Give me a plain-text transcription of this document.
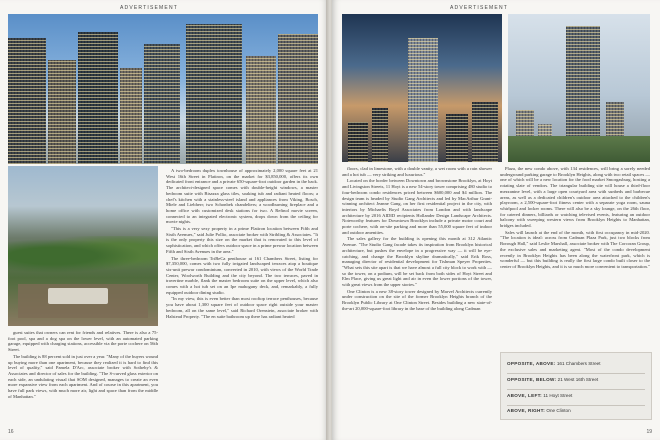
ADVERTISEMENT

guest suites that owners can rent for friends and relatives. There is also a 75-foot pool, spa and a dog spa on the lower level, with an automated parking garage, equipped with charging stations, accessible via the porte cochere on 56th Street.

The building is 88 percent sold in just over a year. "Many of the buyers wound up buying more than one apartment, because they realized it is hard to find this level of quality," said Pamela D'Arc, associate broker with Sotheby's & Associates and director of sales for the building. "The S-curved glass exterior on each side, an undulating visual that SOM designed, manages to create an even more expansive view from each apartment. And of course in this apartment, you have full park views, with much more air, light and space than from the middle of Manhattan."

A two-bedroom duplex townhouse of approximately 2,000 square feet at 21 West 16th Street in Flatiron, on the market for $3,850,000, offers its own dedicated front entrance and a private 650-square-foot outdoor garden in the back. The architect-designed space comes with double-height windows, a master bedroom suite with Bisazza glass tiles, soaking tub and radiant heated floors; a chef's kitchen with a stainless-steel island and appliances from Viking, Bosch, Miele and Liebherr; two Schonbek chandeliers; a woodburning fireplace and a home office with customized desk stations for two. A Refinol movie screen, connected to an integrated electronic system, drops down from the ceiling for movie nights.

"This is a very sexy property in a prime Flatiron location between Fifth and Sixth Avenues," said Julie Pollio, associate broker with Stribling & Associates. "It is the only property this size on the market that is renovated to this level of sophistication, and which offers outdoor space in a prime prewar location between Fifth and Sixth Avenues in the area."

The three-bedroom TriBeCa penthouse at 161 Chambers Street, listing for $7,350,000, comes with two fully irrigated landscaped terraces atop a boutique six-unit prewar condominium, converted in 2010, with views of the World Trade Center, Woolworth Building and the city beyond. The two terraces, paved in travertine marble, flank the master bedroom suite on the upper level, which also comes with a hot tub set on an Ipe mahogany deck, and, remarkably, a fully equipped outdoor dining studio.

"In my view, this is even better than most rooftop terrace penthouses, because you have about 1,300 square feet of outdoor space right outside your master bedroom, all on the same level," said Richard Orenstein, associate broker with Halstead Property. "The en suite bathroom up there has radiant heated

16
ADVERTISEMENT

floors, clad in limestone, with a double vanity, a wet room with a rain shower and a hot tub — very striking and luxurious."

Located on the border between Downtown and brownstone Brooklyn, at Hoyt and Livingston Streets, 11 Hoyt is a new 54-story tower comprising 480 studio to four-bedroom condo residences priced between $600,000 and $4 million. The design team is headed by Studio Gang Architects and led by MacArthur Grant-winning architect Jeanne Gang, on her first residential project in the city, with interiors by Michaelis Boyd Associates from London and with landscape architecture by 2016 AIDID recipients Hollander Design Landscape Architects. Noteworthy features for Downtown Brooklyn include a private motor court and porte cochere, with on-site parking and more than 55,000 square feet of indoor and outdoor amenities.

The sales gallery for the building is opening this month at 312 Atlantic Avenue. "The Studio Gang facade takes its inspiration from Brooklyn historical architecture, but pushes the envelope in a progressive way — it will be eye-catching, and change the Brooklyn skyline dramatically," said Erik Ross, managing director of residential development for Tishman Speyer Properties. "What sets this site apart is that we have almost a full city block to work with — so the tower, on a podium, will be set back from both sides of Hoyt Street and Elm Place, giving us great light and air in even the lower portions of the tower, with great views from the upper stories."

One Clinton is a new 38-story tower designed by Marvel Architects currently under construction on the site of the former Brooklyn Heights branch of the Brooklyn Public Library at One Clinton Street. Besides building a new state-of-the-art 20,000-square-foot library in the base of the building along Cadman

Plaza, the new condo above, with 134 residences, will bring a sorely needed underground parking garage to Brooklyn Heights, along with two retail spaces — one of which will be a new location for the food market Smorgasburg, hosting a rotating slate of vendors. The triangular building site will house a third-floor mezzanine level, with a large open courtyard area with sunbeds and barbecue areas, as well as a dedicated children's outdoor area attached to the children's playroom, a 2,500-square-foot fitness center with a separate yoga room, sauna whirlpool and locker rooms. There will also be a sky lounge, on the 26th floor, for catered dinners, billiards or watching televised events, featuring an outdoor balcony with sweeping western views from Brooklyn Heights to Manhattan, bridges included.

Sales will launch at the end of the month, with first occupancy in mid-2020. "The location is ideal: across from Cadman Plaza Park, just two blocks from Borough Hall," said Leslie Marshall, associate broker with The Corcoran Group, the exclusive sales and marketing agent. "Most of the condo development recently in Brooklyn Heights has been along the waterfront park, which is wonderful — but this building is really the first large condo built closer to the center of Brooklyn Heights, and it is so much more convenient to transportation."

OPPOSITE, ABOVE: 161 Chambers Street
OPPOSITE, BELOW: 21 West 16th Street
ABOVE, LEFT: 11 Hoyt Street
ABOVE, RIGHT: One Clinton
19
